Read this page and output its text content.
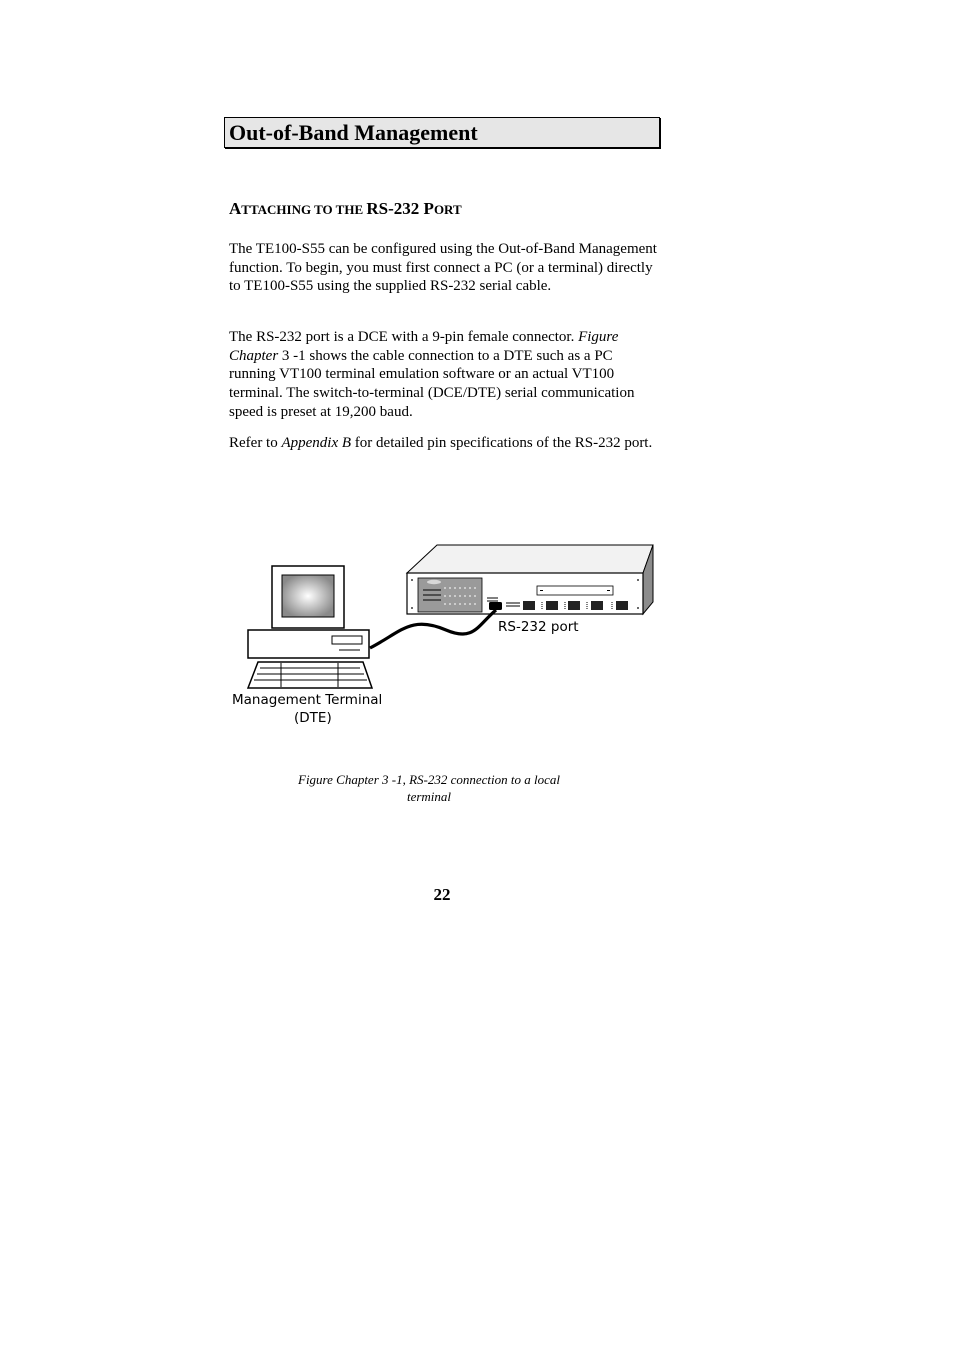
Out-of-Band Management
ATTACHING TO THE RS-232 PORT

The TE100-S55 can be configured using the Out-of-Band Management function. To begin, you must first connect a PC (or a terminal) directly to TE100-S55 using the supplied RS-232 serial cable.

The RS-232 port is a DCE with a 9-pin female connector. Figure Chapter 3 -1 shows the cable connection to a DTE such as a PC running VT100 terminal emulation software or an actual VT100 terminal. The switch-to-terminal (DCE/DTE) serial communication speed is preset at 19,200 baud.

Refer to Appendix B for detailed pin specifications of the RS-232 port.

RS-232 port
Management Terminal
(DTE)
Figure Chapter 3 -1, RS-232 connection to a local
terminal
22
